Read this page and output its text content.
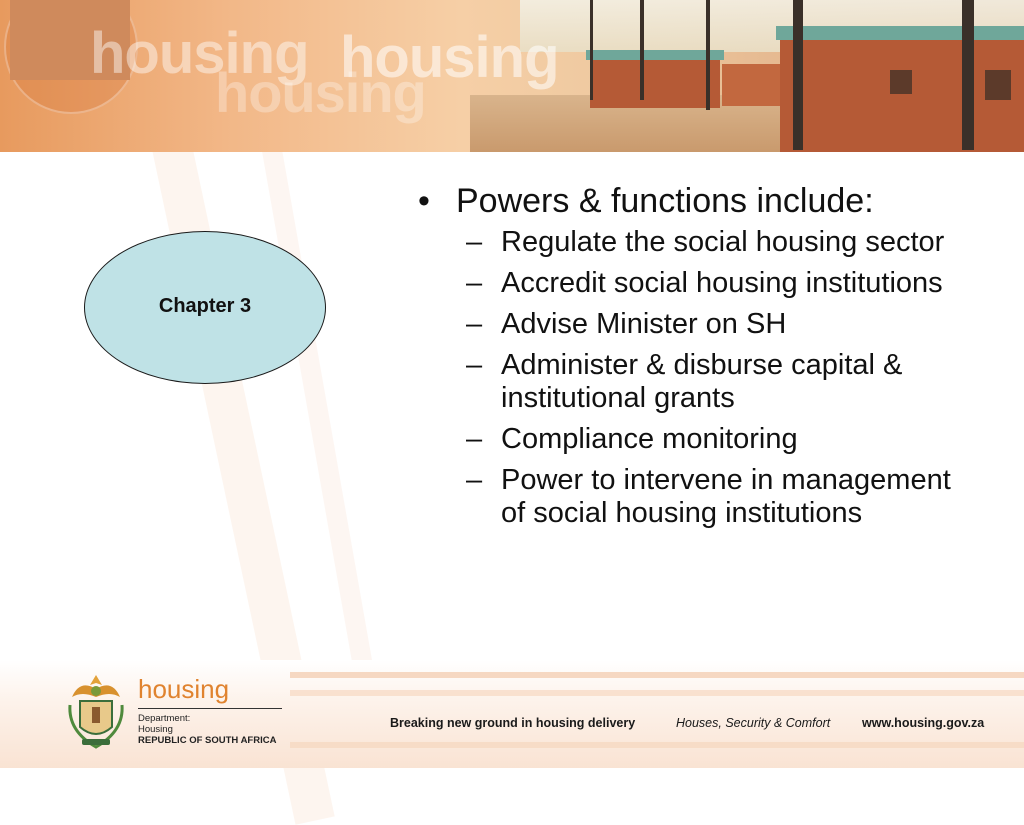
housing housing
housing
Chapter 3
• Powers & functions include:
– Regulate the social housing sector
– Accredit social housing institutions
– Advise Minister on SH
– Administer & disburse capital & institutional grants
– Compliance monitoring
– Power to intervene in management of social housing institutions
housing
Department:
Housing
REPUBLIC OF SOUTH AFRICA
Breaking new ground in housing delivery	Houses, Security & Comfort	www.housing.gov.za
